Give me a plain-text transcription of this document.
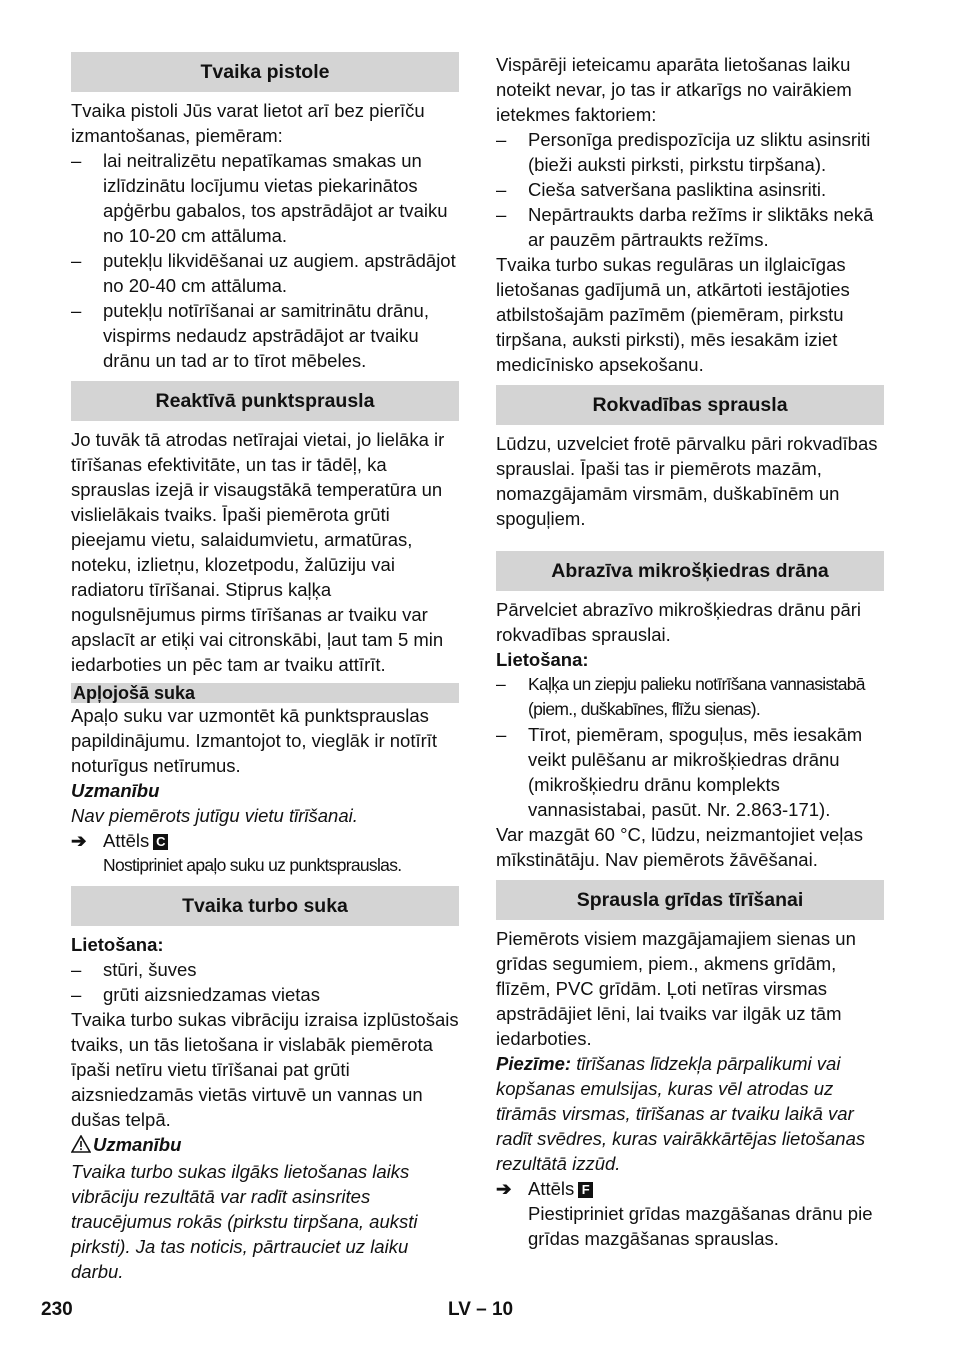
Tvaika pistole

Tvaika pistoli Jūs varat lietot arī bez pierīču izmantošanas, piemēram:

– lai neitralizētu nepatīkamas smakas un izlīdzinātu locījumu vietas piekarinātos apģērbu gabalos, tos apstrādājot ar tvaiku no 10-20 cm attāluma.
– putekļu likvidēšanai uz augiem. apstrādājot no 20-40 cm attāluma.
– putekļu notīrīšanai ar samitrinātu drānu, vispirms nedaudz apstrādājot ar tvaiku drānu un tad ar to tīrot mēbeles.
Reaktīvā punktsprausla

Jo tuvāk tā atrodas netīrajai vietai, jo lielāka ir tīrīšanas efektivitāte, un tas ir tādēļ, ka sprauslas izejā ir visaugstākā temperatūra un vislielākais tvaiks. Īpaši piemērota grūti pieejamu vietu, salaidumvietu, armatūras, noteku, izlietņu, klozetpodu, žalūziju vai radiatoru tīrīšanai. Stiprus kaļķa nogulsnējumus pirms tīrīšanas ar tvaiku var apslacīt ar etiķi vai citronskābi, ļaut tam 5 min iedarboties un pēc tam ar tvaiku attīrīt.

Apļojošā suka

Apaļo suku var uzmontēt kā punktsprauslas papildinājumu. Izmantojot to, vieglāk ir notīrīt noturīgus netīrumus.

Uzmanību

Nav piemērots jutīgu vietu tīrīšanai.

➔ Attēls C
Nostipriniet apaļo suku uz punktsprauslas.
Tvaika turbo suka

Lietošana:

– stūri, šuves
– grūti aizsniedzamas vietas

Tvaika turbo sukas vibrāciju izraisa izplūstošais tvaiks, un tās lietošana ir vislabāk piemērota īpaši netīru vietu tīrīšanai pat grūti aizsniedzamās vietās virtuvē un vannas un dušas telpā.

Uzmanību

Tvaika turbo sukas ilgāks lietošanas laiks vibrāciju rezultātā var radīt asinsrites traucējumus rokās (pirkstu tirpšana, auksti pirksti). Ja tas noticis, pārtrauciet uz laiku darbu.

Vispārēji ieteicamu aparāta lietošanas laiku noteikt nevar, jo tas ir atkarīgs no vairākiem ietekmes faktoriem:

– Personīga predispozīcija uz sliktu asinsriti (bieži auksti pirksti, pirkstu tirpšana).
– Cieša satveršana pasliktina asinsriti.
– Nepārtraukts darba režīms ir sliktāks nekā ar pauzēm pārtraukts režīms.

Tvaika turbo sukas regulāras un ilglaicīgas lietošanas gadījumā un, atkārtoti iestājoties atbilstošajām pazīmēm (piemēram, pirkstu tirpšana, auksti pirksti), mēs iesakām iziet medicīnisko apsekošanu.

Rokvadības sprausla

Lūdzu, uzvelciet frotē pārvalku pāri rokvadības sprauslai. Īpaši tas ir piemērots mazām, nomazgājamām virsmām, duškabīnēm un spoguļiem.

Abrazīva mikrošķiedras drāna

Pārvelciet abrazīvo mikrošķiedras drānu pāri rokvadības sprauslai.

Lietošana:

– Kaļķa un ziepju palieku notīrīšana vannasistabā (piem., duškabīnes, flīžu sienas).
– Tīrot, piemēram, spoguļus, mēs iesakām veikt pulēšanu ar mikrošķiedras drānu (mikrošķiedru drānu komplekts vannasistabai, pasūt. Nr. 2.863-171).

Var mazgāt 60 °C, lūdzu, neizmantojiet veļas mīkstinātāju. Nav piemērots žāvēšanai.

Sprausla grīdas tīrīšanai

Piemērots visiem mazgājamajiem sienas un grīdas segumiem, piem., akmens grīdām, flīzēm, PVC grīdām. Ļoti netīras virsmas apstrādājiet lēni, lai tvaiks var ilgāk uz tām iedarboties.

Piezīme: tīrīšanas līdzekļa pārpalikumi vai kopšanas emulsijas, kuras vēl atrodas uz tīrāmās virsmas, tīrīšanas ar tvaiku laikā var radīt svēdres, kuras vairākkārtējas lietošanas rezultātā izzūd.

➔ Attēls F
Piestipriniet grīdas mazgāšanas drānu pie grīdas mazgāšanas sprauslas.
230	LV – 10
